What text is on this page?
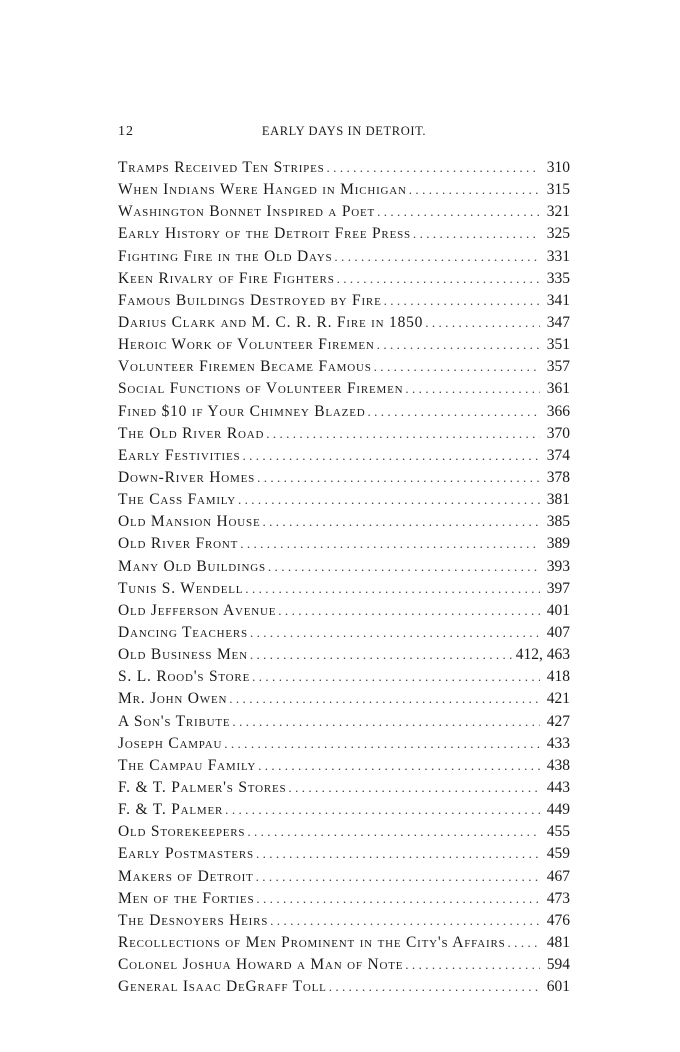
12	EARLY DAYS IN DETROIT.
Tramps Received Ten Stripes .....	310
When Indians Were Hanged in Michigan .....	315
Washington Bonnet Inspired a Poet .....	321
Early History of the Detroit Free Press .....	325
Fighting Fire in the Old Days .....	331
Keen Rivalry of Fire Fighters .....	335
Famous Buildings Destroyed by Fire .....	341
Darius Clark and M. C. R. R. Fire in 1850 .....	347
Heroic Work of Volunteer Firemen .....	351
Volunteer Firemen Became Famous .....	357
Social Functions of Volunteer Firemen .....	361
Fined $10 if Your Chimney Blazed .....	366
The Old River Road .....	370
Early Festivities .....	374
Down-River Homes .....	378
The Cass Family .....	381
Old Mansion House .....	385
Old River Front .....	389
Many Old Buildings .....	393
Tunis S. Wendell .....	397
Old Jefferson Avenue .....	401
Dancing Teachers .....	407
Old Business Men .....	412, 463
S. L. Rood's Store .....	418
Mr. John Owen .....	421
A Son's Tribute .....	427
Joseph Campau .....	433
The Campau Family .....	438
F. & T. Palmer's Stores .....	443
F. & T. Palmer .....	449
Old Storekeepers .....	455
Early Postmasters .....	459
Makers of Detroit .....	467
Men of the Forties .....	473
The Desnoyers Heirs .....	476
Recollections of Men Prominent in the City's Affairs .....	481
Colonel Joshua Howard a Man of Note .....	594
General Isaac DeGraff Toll .....	601
